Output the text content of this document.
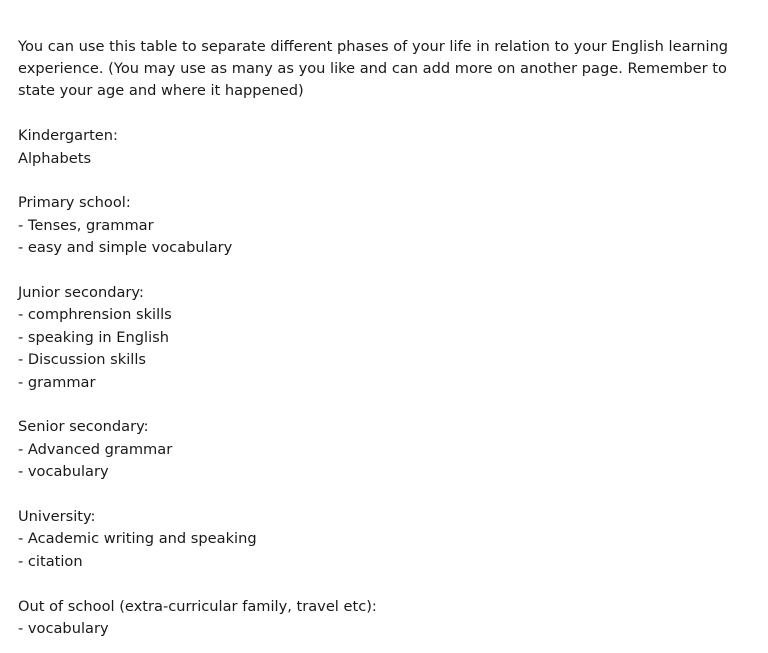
You can use this table to separate different phases of your life in relation to your English learning experience. (You may use as many as you like and can add more on another page. Remember to state your age and where it happened)

Kindergarten:
Alphabets
Primary school:
- Tenses, grammar
- easy and simple vocabulary
Junior secondary:
- comphrension skills
- speaking in English
- Discussion skills
- grammar
Senior secondary:
- Advanced grammar
- vocabulary
University:
- Academic writing and speaking
- citation
Out of school (extra-curricular family, travel etc):
- vocabulary
